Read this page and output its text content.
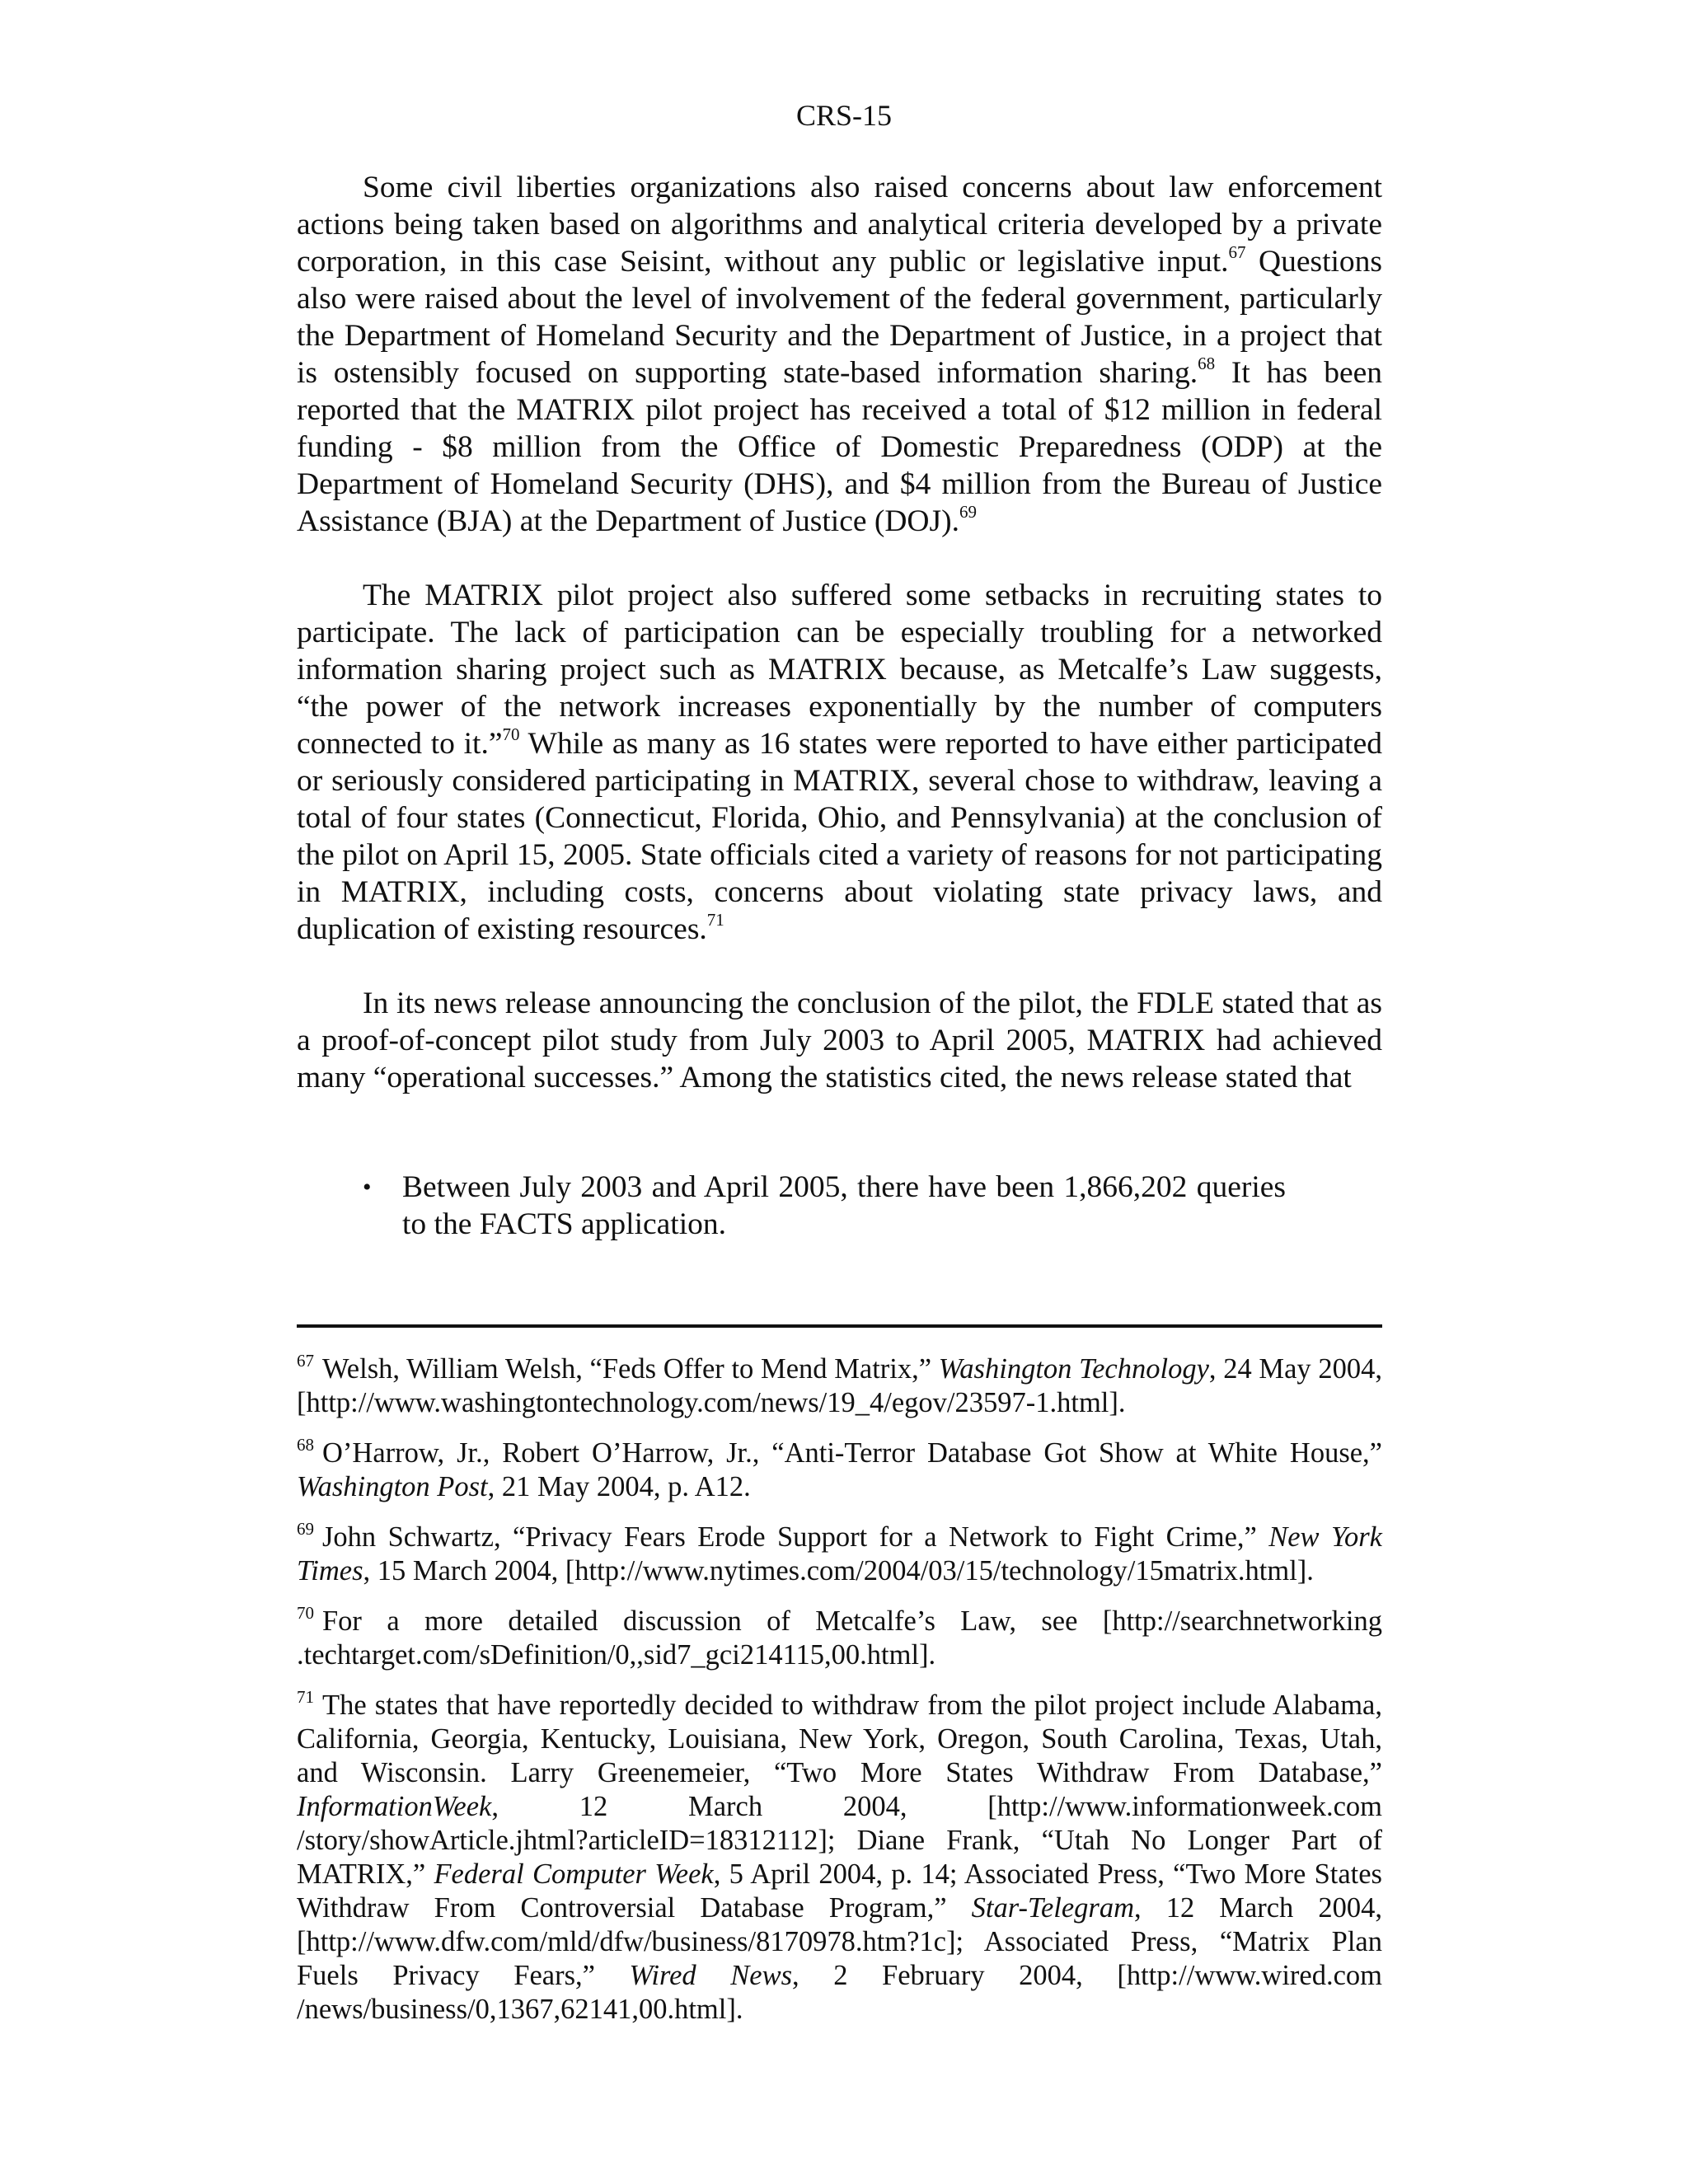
CRS-15

Some civil liberties organizations also raised concerns about law enforcement actions being taken based on algorithms and analytical criteria developed by a private corporation, in this case Seisint, without any public or legislative input.$^{67}$ Questions also were raised about the level of involvement of the federal government, particularly the Department of Homeland Security and the Department of Justice, in a project that is ostensibly focused on supporting state-based information sharing.$^{68}$ It has been reported that the MATRIX pilot project has received a total of $12 million in federal funding - $8 million from the Office of Domestic Preparedness (ODP) at the Department of Homeland Security (DHS), and $4 million from the Bureau of Justice Assistance (BJA) at the Department of Justice (DOJ).$^{69}$

The MATRIX pilot project also suffered some setbacks in recruiting states to participate. The lack of participation can be especially troubling for a networked information sharing project such as MATRIX because, as Metcalfe’s Law suggests, “the power of the network increases exponentially by the number of computers connected to it.”$^{70}$ While as many as 16 states were reported to have either participated or seriously considered participating in MATRIX, several chose to withdraw, leaving a total of four states (Connecticut, Florida, Ohio, and Pennsylvania) at the conclusion of the pilot on April 15, 2005. State officials cited a variety of reasons for not participating in MATRIX, including costs, concerns about violating state privacy laws, and duplication of existing resources.$^{71}$

In its news release announcing the conclusion of the pilot, the FDLE stated that as a proof-of-concept pilot study from July 2003 to April 2005, MATRIX had achieved many “operational successes.” Among the statistics cited, the news release stated that

• Between July 2003 and April 2005, there have been 1,866,202 queries to the FACTS application.

$^{67}$ Welsh, William Welsh, “Feds Offer to Mend Matrix,” Washington Technology, 24 May 2004, [http://www.washingtontechnology.com/news/19_4/egov/23597-1.html].

$^{68}$ O’Harrow, Jr., Robert O’Harrow, Jr., “Anti-Terror Database Got Show at White House,” Washington Post, 21 May 2004, p. A12.

$^{69}$ John Schwartz, “Privacy Fears Erode Support for a Network to Fight Crime,” New York Times, 15 March 2004, [http://www.nytimes.com/2004/03/15/technology/15matrix.html].

$^{70}$ For a more detailed discussion of Metcalfe’s Law, see [http://searchnetworking .techtarget.com/sDefinition/0,,sid7_gci214115,00.html].

$^{71}$ The states that have reportedly decided to withdraw from the pilot project include Alabama, California, Georgia, Kentucky, Louisiana, New York, Oregon, South Carolina, Texas, Utah, and Wisconsin. Larry Greenemeier, “Two More States Withdraw From Database,” InformationWeek, 12 March 2004, [http://www.informationweek.com /story/showArticle.jhtml?articleID=18312112]; Diane Frank, “Utah No Longer Part of MATRIX,” Federal Computer Week, 5 April 2004, p. 14; Associated Press, “Two More States Withdraw From Controversial Database Program,” Star-Telegram, 12 March 2004, [http://www.dfw.com/mld/dfw/business/8170978.htm?1c]; Associated Press, “Matrix Plan Fuels Privacy Fears,” Wired News, 2 February 2004, [http://www.wired.com /news/business/0,1367,62141,00.html].
